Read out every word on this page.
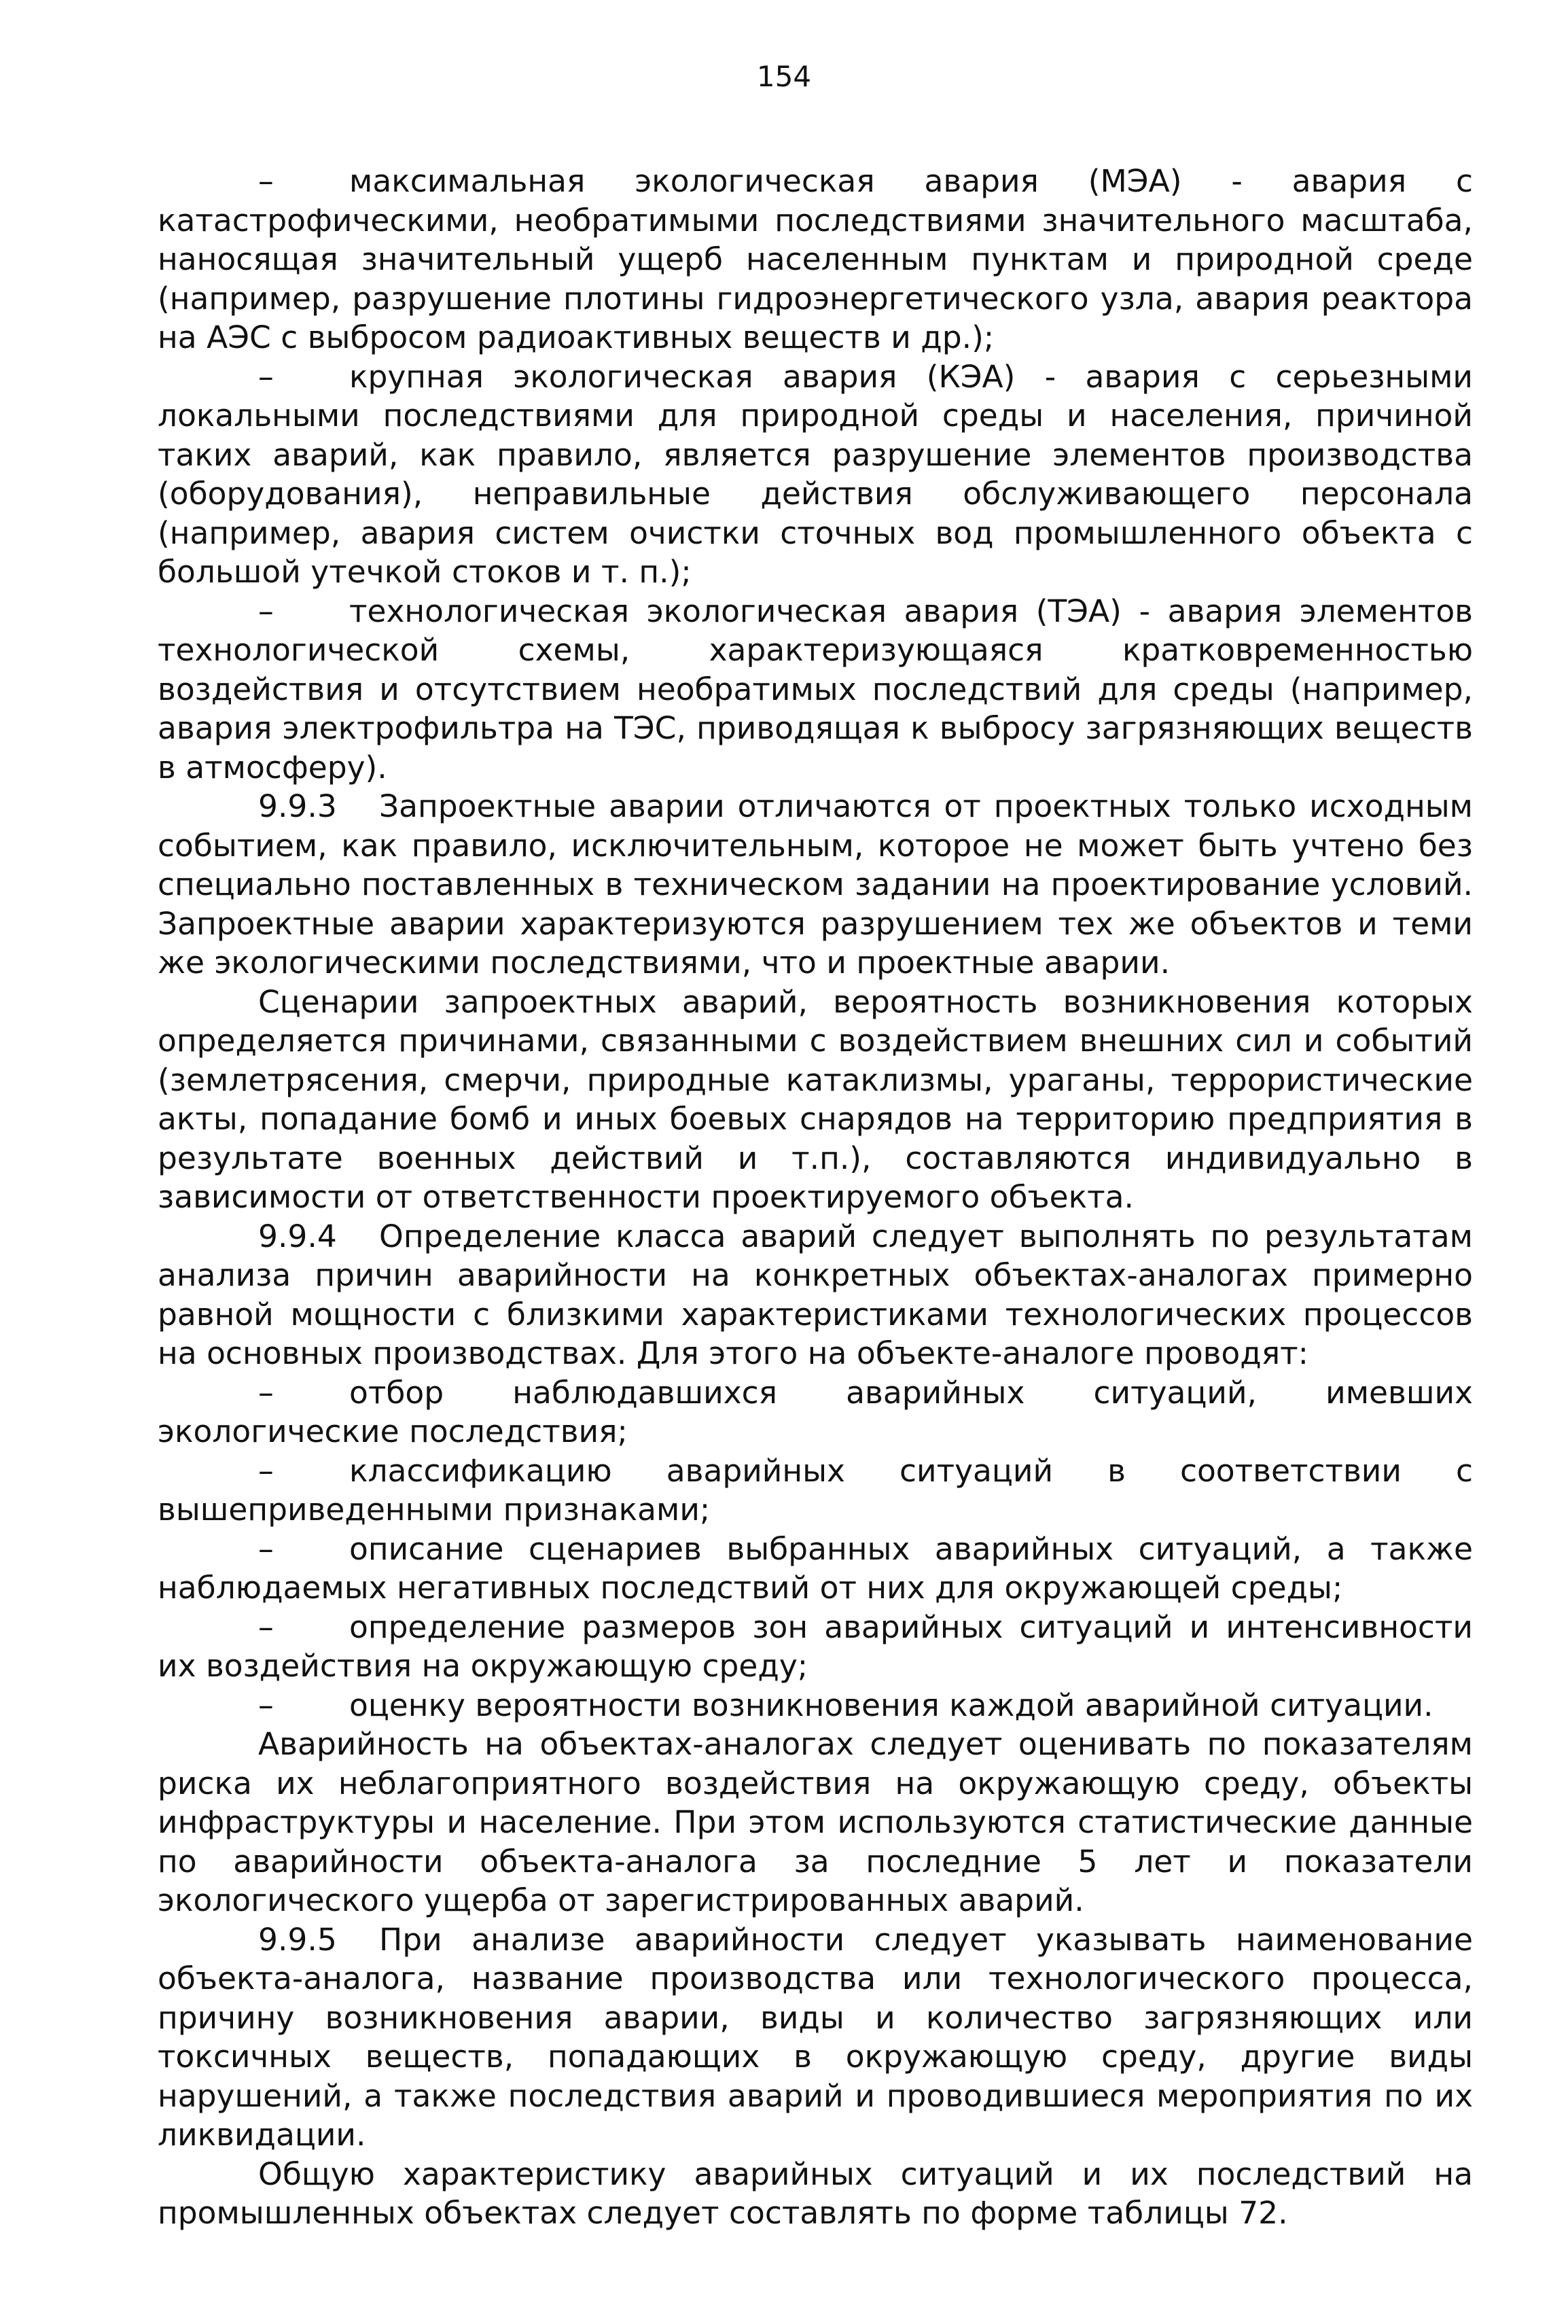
154

– максимальная экологическая авария (МЭА) - авария с катастрофическими, необратимыми последствиями значительного масштаба, наносящая значительный ущерб населенным пунктам и природной среде (например, разрушение плотины гидроэнергетического узла, авария реактора на АЭС с выбросом радиоактивных веществ и др.);

– крупная экологическая авария (КЭА) - авария с серьезными локальными последствиями для природной среды и населения, причиной таких аварий, как правило, является разрушение элементов производства (оборудования), неправильные действия обслуживающего персонала (например, авария систем очистки сточных вод промышленного объекта с большой утечкой стоков и т. п.);

– технологическая экологическая авария (ТЭА) - авария элементов технологической схемы, характеризующаяся кратковременностью воздействия и отсутствием необратимых последствий для среды (например, авария электрофильтра на ТЭС, приводящая к выбросу загрязняющих веществ в атмосферу).

9.9.3 Запроектные аварии отличаются от проектных только исходным событием, как правило, исключительным, которое не может быть учтено без специально поставленных в техническом задании на проектирование условий. Запроектные аварии характеризуются разрушением тех же объектов и теми же экологическими последствиями, что и проектные аварии.

Сценарии запроектных аварий, вероятность возникновения которых определяется причинами, связанными с воздействием внешних сил и событий (землетрясения, смерчи, природные катаклизмы, ураганы, террористические акты, попадание бомб и иных боевых снарядов на территорию предприятия в результате военных действий и т.п.), составляются индивидуально в зависимости от ответственности проектируемого объекта.

9.9.4 Определение класса аварий следует выполнять по результатам анализа причин аварийности на конкретных объектах-аналогах примерно равной мощности с близкими характеристиками технологических процессов на основных производствах. Для этого на объекте-аналоге проводят:

– отбор наблюдавшихся аварийных ситуаций, имевших экологические последствия;

– классификацию аварийных ситуаций в соответствии с вышеприведенными признаками;

– описание сценариев выбранных аварийных ситуаций, а также наблюдаемых негативных последствий от них для окружающей среды;

– определение размеров зон аварийных ситуаций и интенсивности их воздействия на окружающую среду;

– оценку вероятности возникновения каждой аварийной ситуации.

Аварийность на объектах-аналогах следует оценивать по показателям риска их неблагоприятного воздействия на окружающую среду, объекты инфраструктуры и население. При этом используются статистические данные по аварийности объекта-аналога за последние 5 лет и показатели экологического ущерба от зарегистрированных аварий.

9.9.5 При анализе аварийности следует указывать наименование объекта-аналога, название производства или технологического процесса, причину возникновения аварии, виды и количество загрязняющих или токсичных веществ, попадающих в окружающую среду, другие виды нарушений, а также последствия аварий и проводившиеся мероприятия по их ликвидации.

Общую характеристику аварийных ситуаций и их последствий на промышленных объектах следует составлять по форме таблицы 72.
